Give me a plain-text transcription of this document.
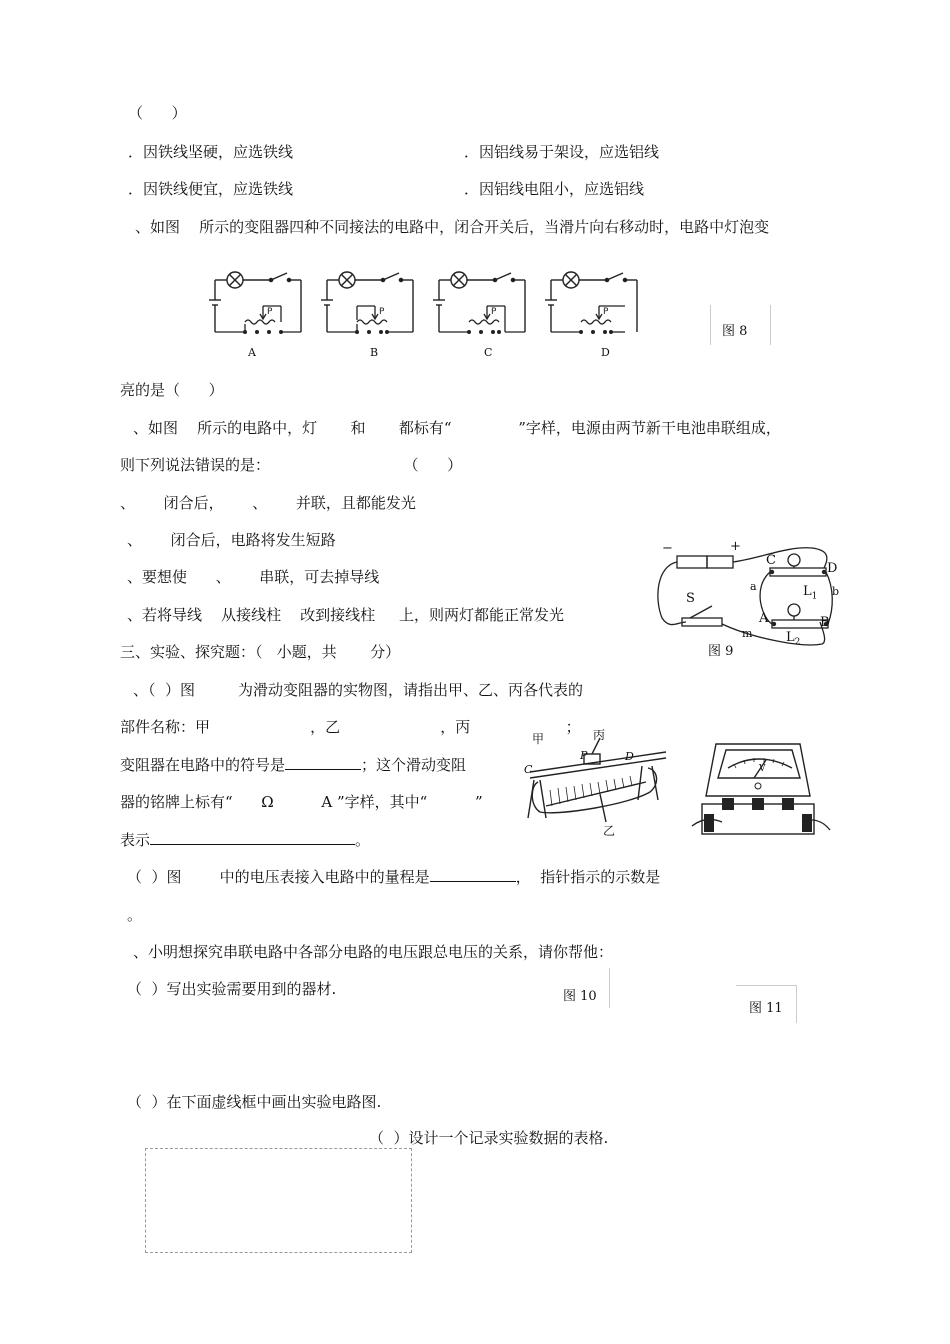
（      ）
．因铁线坚硬，应选铁线	．因铝线易于架设，应选铝线
．因铁线便宜，应选铁线	．因铝线电阻小，应选铝线
、如图    所示的变阻器四种不同接法的电路中，闭合开关后，当滑片向右移动时，电路中灯泡变
P	P	P	P
A	B	C	D
图 8
亮的是（      ）
、如图    所示的电路中，灯       和       都标有“              ”字样，电源由两节新干电池串联组成，
则下列说法错误的是：                            （      ）
、      闭合后，      、      并联，且都能发光
、      闭合后，电路将发生短路
、要想使      、      串联，可去掉导线
、若将导线    从接线柱    改到接线柱     上，则两灯都能正常发光
−	+
C
D
a	b
$L_1$
S
A	B
m	$L_2$
图 9
三、实验、探究题：（   小题，共       分）
、（  ）图         为滑动变阻器的实物图，请指出甲、乙、丙各代表的
部件名称：甲                     ，乙                     ，丙                    ；
变阻器在电路中的符号是	；这个滑动变阻
器的铭牌上标有“      Ω          A ”字样，其中“          ”
表示	。
甲	丙
P	D
C
乙
V
（  ）图        中的电压表接入电路中的量程是	，  指针指示的示数是
。
、小明想探究串联电路中各部分电路的电压跟总电压的关系，请你帮他：
（  ）写出实验需要用到的器材.	图 10
图 11
（  ）在下面虚线框中画出实验电路图.
（  ）设计一个记录实验数据的表格.
